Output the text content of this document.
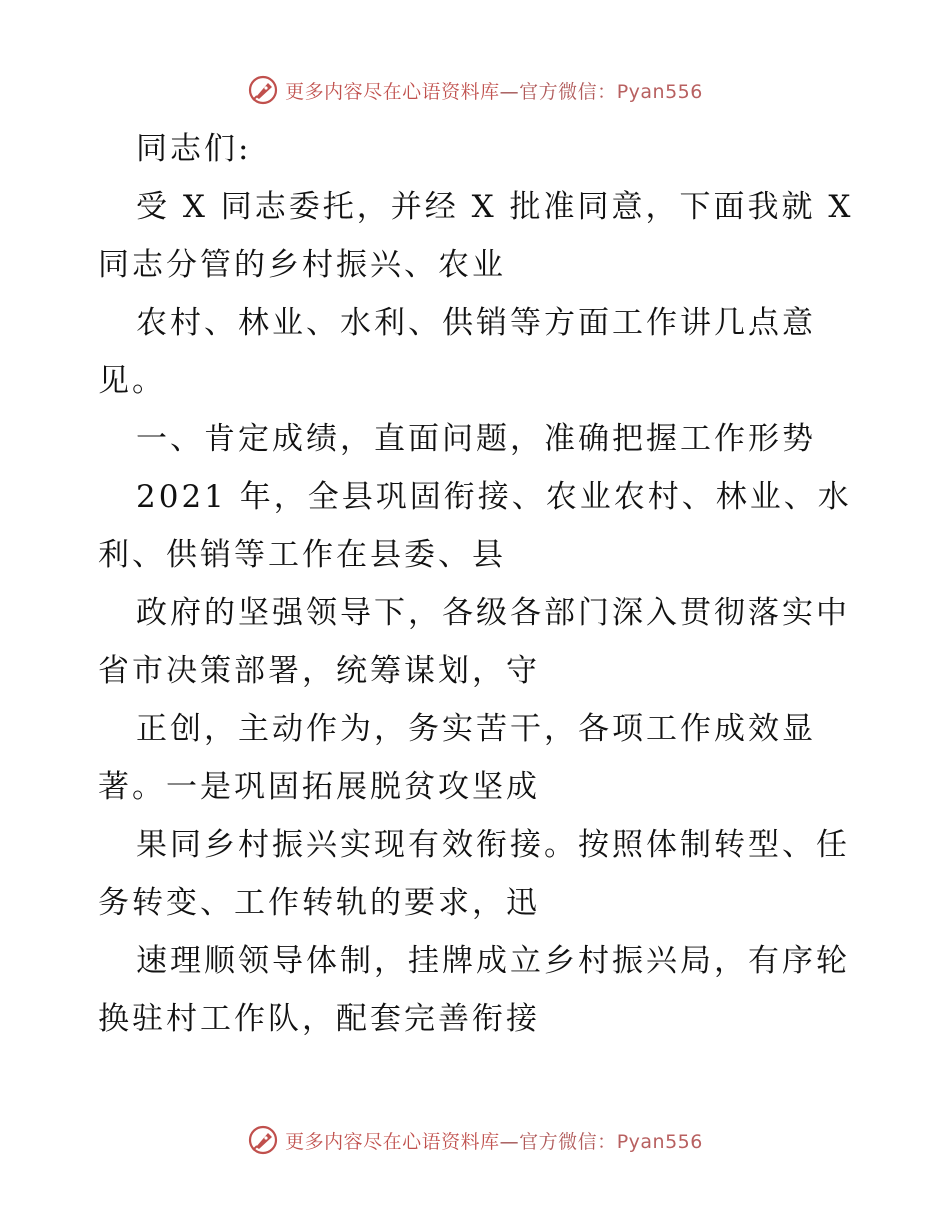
更多内容尽在心语资料库—官方微信：Pyan556
同志们:
受 X 同志委托，并经 X 批准同意，下面我就 X
同志分管的乡村振兴、农业
农村、林业、水利、供销等方面工作讲几点意
见。
一、肯定成绩，直面问题，准确把握工作形势
2021 年，全县巩固衔接、农业农村、林业、水
利、供销等工作在县委、县
政府的坚强领导下，各级各部门深入贯彻落实中
省市决策部署，统筹谋划，守
正创，主动作为，务实苦干，各项工作成效显
著。一是巩固拓展脱贫攻坚成
果同乡村振兴实现有效衔接。按照体制转型、任
务转变、工作转轨的要求，迅
速理顺领导体制，挂牌成立乡村振兴局，有序轮
换驻村工作队，配套完善衔接
更多内容尽在心语资料库—官方微信：Pyan556
